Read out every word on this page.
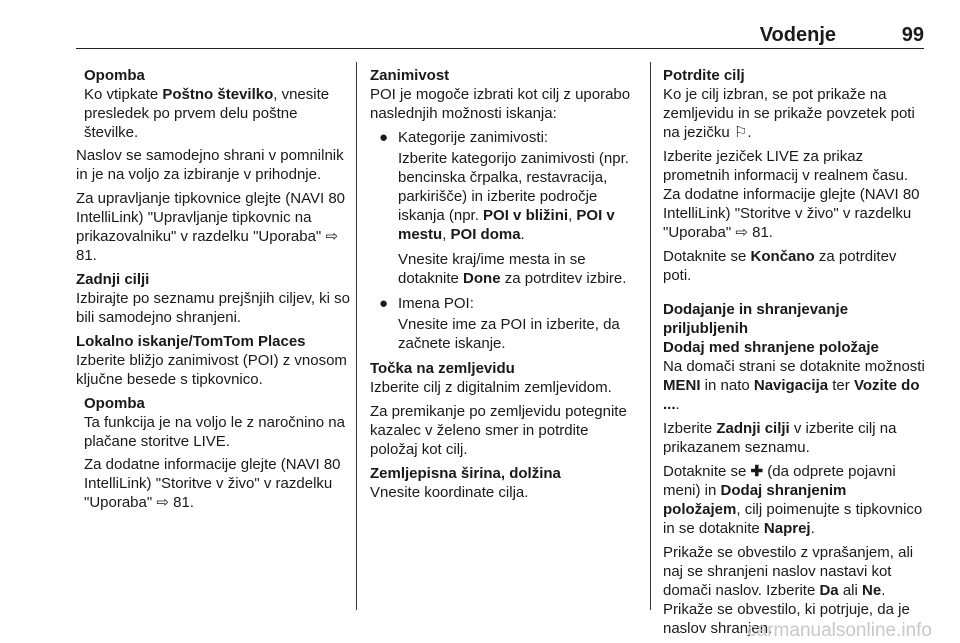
Vodenje	99

Opomba
Ko vtipkate Poštno številko, vnesite presledek po prvem delu poštne številke.

Naslov se samodejno shrani v pomnilnik in je na voljo za izbiranje v prihodnje.

Za upravljanje tipkovnice glejte (NAVI 80 IntelliLink) "Upravljanje tipkovnic na prikazovalniku" v razdelku "Uporaba" ⇨ 81.

Zadnji cilji
Izbirajte po seznamu prejšnjih ciljev, ki so bili samodejno shranjeni.

Lokalno iskanje/TomTom Places
Izberite bližjo zanimivost (POI) z vnosom ključne besede s tipkovnico.

Opomba
Ta funkcija je na voljo le z naročnino na plačane storitve LIVE.

Za dodatne informacije glejte (NAVI 80 IntelliLink) "Storitve v živo" v razdelku "Uporaba" ⇨ 81.

Zanimivost
POI je mogoče izbrati kot cilj z uporabo naslednjih možnosti iskanja:

● Kategorije zanimivosti:

Izberite kategorijo zanimivosti (npr. bencinska črpalka, restavracija, parkirišče) in izberite področje iskanja (npr. POI v bližini, POI v mestu, POI doma.

Vnesite kraj/ime mesta in se dotaknite Done za potrditev izbire.

● Imena POI:

Vnesite ime za POI in izberite, da začnete iskanje.

Točka na zemljevidu
Izberite cilj z digitalnim zemljevidom.

Za premikanje po zemljevidu potegnite kazalec v želeno smer in potrdite položaj kot cilj.

Zemljepisna širina, dolžina
Vnesite koordinate cilja.

Potrdite cilj
Ko je cilj izbran, se pot prikaže na zemljevidu in se prikaže povzetek poti na jezičku ⚐.

Izberite jeziček LIVE za prikaz prometnih informacij v realnem času. Za dodatne informacije glejte (NAVI 80 IntelliLink) "Storitve v živo" v razdelku "Uporaba" ⇨ 81.

Dotaknite se Končano za potrditev poti.

Dodajanje in shranjevanje priljubljenih
Dodaj med shranjene položaje

Na domači strani se dotaknite možnosti MENI in nato Navigacija ter Vozite do ....

Izberite Zadnji cilji v izberite cilj na prikazanem seznamu.

Dotaknite se ✚ (da odprete pojavni meni) in Dodaj shranjenim položajem, cilj poimenujte s tipkovnico in se dotaknite Naprej.

Prikaže se obvestilo z vprašanjem, ali naj se shranjeni naslov nastavi kot domači naslov. Izberite Da ali Ne. Prikaže se obvestilo, ki potrjuje, da je naslov shranjen.

carmanualsonline.info
